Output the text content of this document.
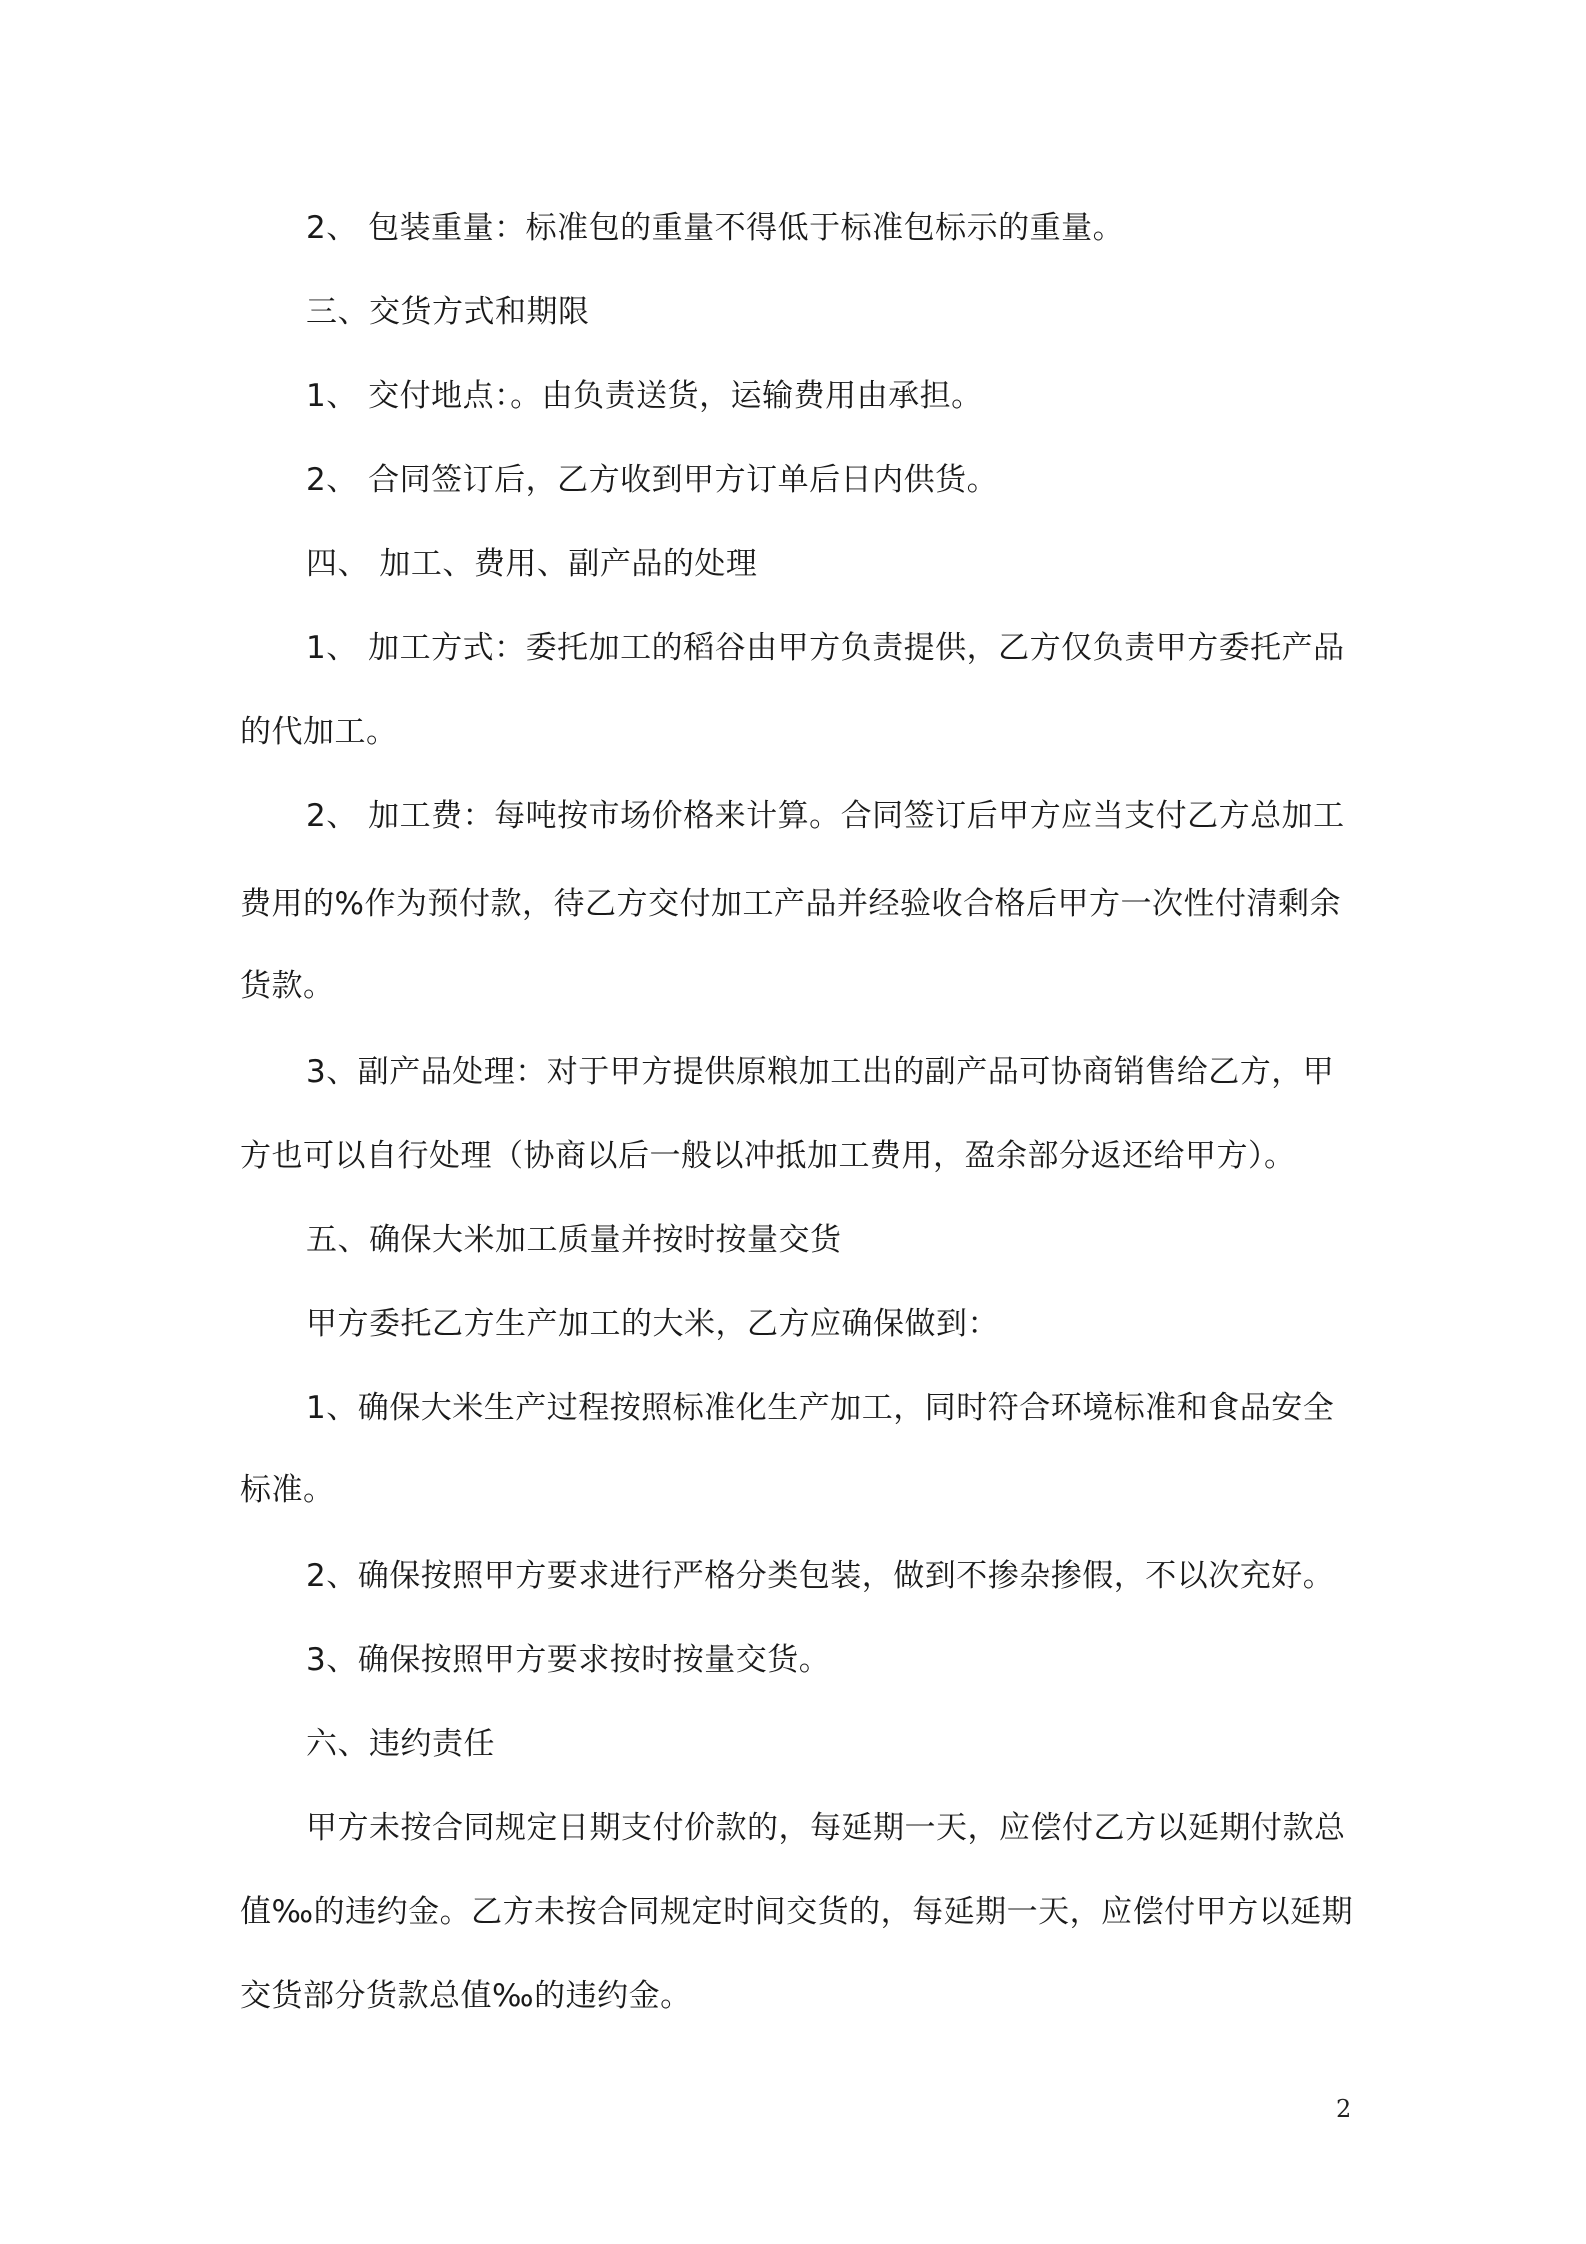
2、 包装重量：标准包的重量不得低于标准包标示的重量。
三、交货方式和期限
1、 交付地点：。由负责送货，运输费用由承担。
2、 合同签订后，乙方收到甲方订单后日内供货。
四、 加工、费用、副产品的处理
1、 加工方式：委托加工的稻谷由甲方负责提供，乙方仅负责甲方委托产品
的代加工。
2、 加工费：每吨按市场价格来计算。合同签订后甲方应当支付乙方总加工
费用的%作为预付款，待乙方交付加工产品并经验收合格后甲方一次性付清剩余
货款。
3、副产品处理：对于甲方提供原粮加工出的副产品可协商销售给乙方，甲
方也可以自行处理（协商以后一般以冲抵加工费用，盈余部分返还给甲方）。
五、确保大米加工质量并按时按量交货
甲方委托乙方生产加工的大米，乙方应确保做到：
1、确保大米生产过程按照标准化生产加工，同时符合环境标准和食品安全
标准。
2、确保按照甲方要求进行严格分类包装，做到不掺杂掺假，不以次充好。
3、确保按照甲方要求按时按量交货。
六、违约责任
甲方未按合同规定日期支付价款的，每延期一天，应偿付乙方以延期付款总
值‰的违约金。乙方未按合同规定时间交货的，每延期一天，应偿付甲方以延期
交货部分货款总值‰的违约金。
2
